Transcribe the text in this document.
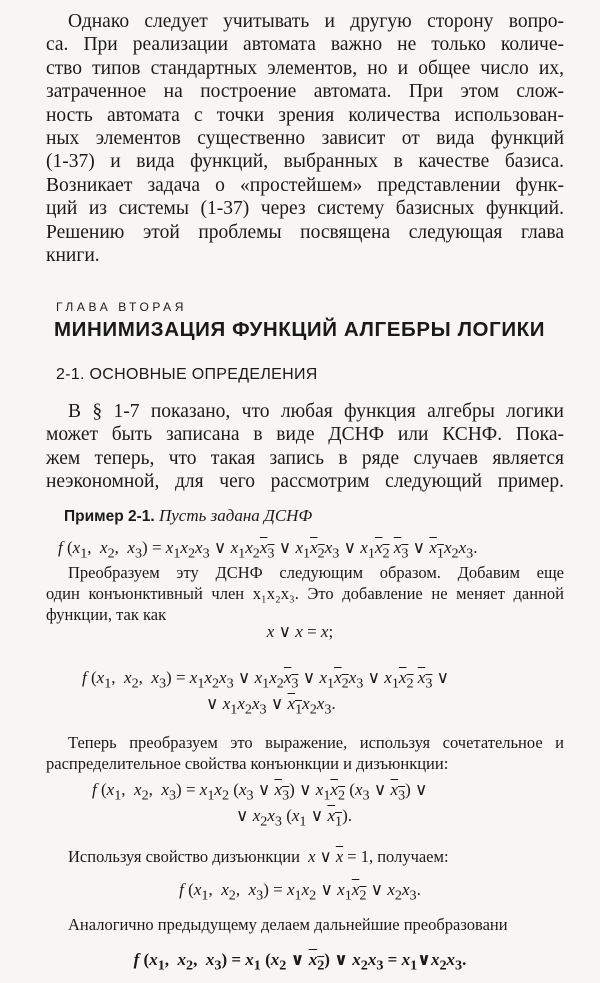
Однако следует учитывать и другую сторону вопро-
са. При реализации автомата важно не только количе-
ство типов стандартных элементов, но и общее число их,
затраченное на построение автомата. При этом слож-
ность автомата с точки зрения количества использован-
ных элементов существенно зависит от вида функций
(1-37) и вида функций, выбранных в качестве базиса.
Возникает задача о «простейшем» представлении функ-
ций из системы (1-37) через систему базисных функций.
Решению этой проблемы посвящена следующая глава
книги.
ГЛАВА ВТОРАЯ
МИНИМИЗАЦИЯ ФУНКЦИЙ АЛГЕБРЫ ЛОГИКИ
2-1. ОСНОВНЫЕ ОПРЕДЕЛЕНИЯ
В § 1-7 показано, что любая функция алгебры логики
может быть записана в виде ДСНФ или КСНФ. Пока-
жем теперь, что такая запись в ряде случаев является
неэкономной, для чего рассмотрим следующий пример.
Пример 2-1. Пусть задана ДСНФ
f ($x_1$,  $x_2$,  $x_3) = x_1x_2x_3$ ∨ $x_1x_2x_3$ ∨ $x_1x_2x_3$ ∨ $x_1x_2$ $x_3$ ∨ $x_1x_2x_3$.
Преобразуем эту ДСНФ следующим образом. Добавим еще
один конъюнктивный член x₁x₂x₃. Это добавление не меняет данной
функции, так как
x ∨ x = x;
f ($x_1$,  $x_2$,  $x_3) = x_1x_2x_3$ ∨ $x_1x_2x_3$ ∨ $x_1x_2x_3$ ∨ $x_1x_2$ $x_3$ ∨
∨ $x_1x_2x_3$ ∨ $x_1x_2x_3$.
Теперь преобразуем это выражение, используя сочетательное и
распределительное свойства конъюнкции и дизъюнкции:
f ($x_1$,  $x_2$,  $x_3) = x_1x_2$ ($x_3$ ∨ $x_3$) ∨ $x_1x_2$ ($x_3$ ∨ $x_3$) ∨
∨ $x_2x_3$ ($x_1$ ∨ $x_1$).
Используя свойство дизъюнкции x ∨ $\overline{x} = 1$, получаем:
f ($x_1$,  $x_2$,  $x_3) = x_1x_2$ ∨ $x_1x_2$ ∨ $x_2x_3$.
Аналогично предыдущему делаем дальнейшие преобразовани
f ($x_1$,  $x_2$,  $x_3) = x_1$ ($x_2$ ∨ $x_2$) ∨ $x_2x_3$ = $x_1\vee x_2x_3$.
